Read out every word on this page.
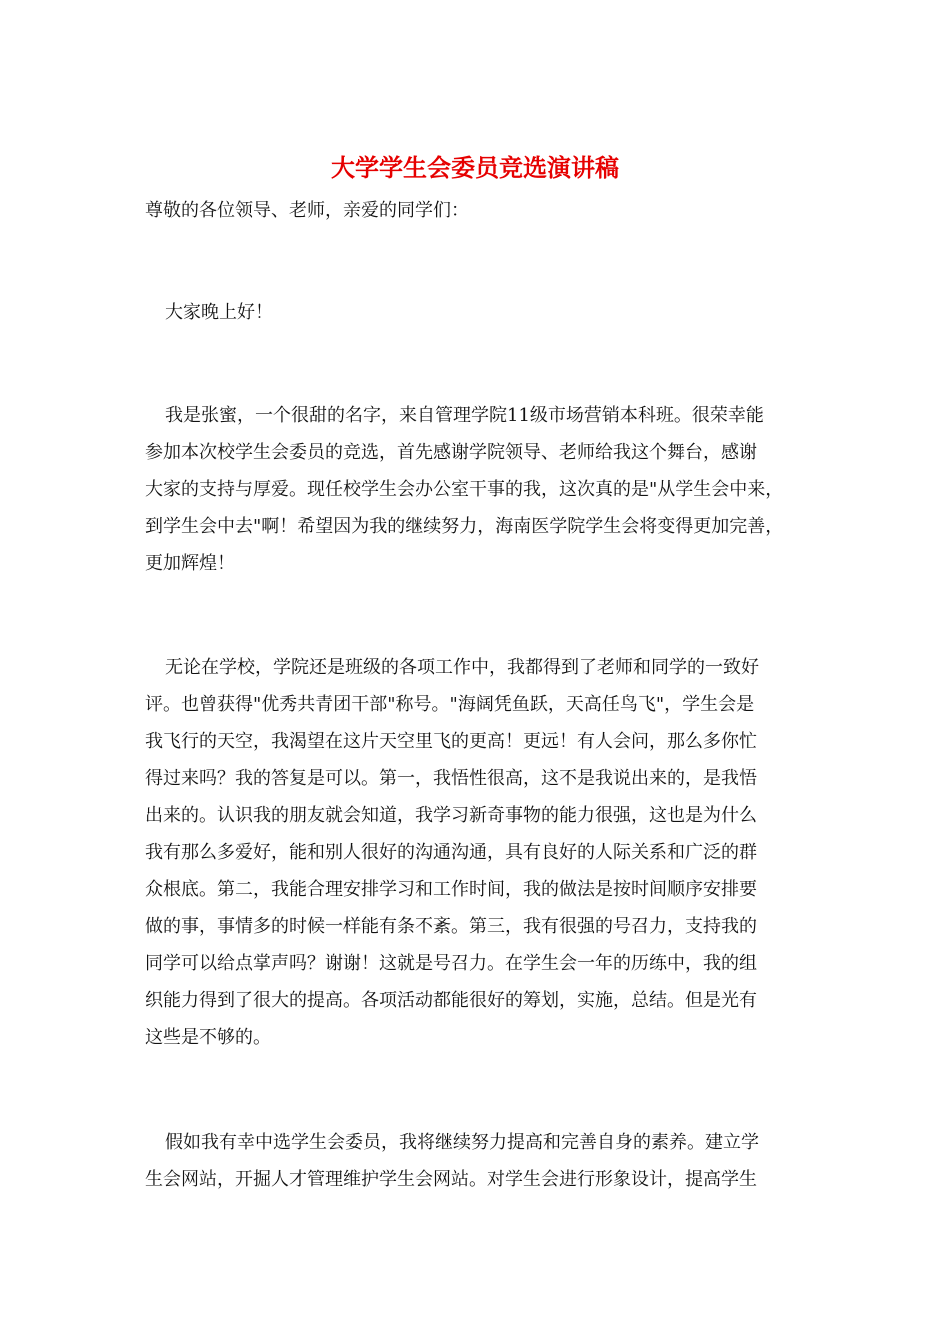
大学学生会委员竞选演讲稿
尊敬的各位领导、老师，亲爱的同学们：
大家晚上好！
我是张蜜，一个很甜的名字，来自管理学院11级市场营销本科班。很荣幸能
参加本次校学生会委员的竞选，首先感谢学院领导、老师给我这个舞台，感谢
大家的支持与厚爱。现任校学生会办公室干事的我，这次真的是"从学生会中来，
到学生会中去"啊！希望因为我的继续努力，海南医学院学生会将变得更加完善，
更加辉煌！
无论在学校，学院还是班级的各项工作中，我都得到了老师和同学的一致好
评。也曾获得"优秀共青团干部"称号。"海阔凭鱼跃，天高任鸟飞"，学生会是
我飞行的天空，我渴望在这片天空里飞的更高！更远！有人会问，那么多你忙
得过来吗？我的答复是可以。第一，我悟性很高，这不是我说出来的，是我悟
出来的。认识我的朋友就会知道，我学习新奇事物的能力很强，这也是为什么
我有那么多爱好，能和别人很好的沟通沟通，具有良好的人际关系和广泛的群
众根底。第二，我能合理安排学习和工作时间，我的做法是按时间顺序安排要
做的事，事情多的时候一样能有条不紊。第三，我有很强的号召力，支持我的
同学可以给点掌声吗？谢谢！这就是号召力。在学生会一年的历练中，我的组
织能力得到了很大的提高。各项活动都能很好的筹划，实施，总结。但是光有
这些是不够的。
假如我有幸中选学生会委员，我将继续努力提高和完善自身的素养。建立学
生会网站，开掘人才管理维护学生会网站。对学生会进行形象设计，提高学生
